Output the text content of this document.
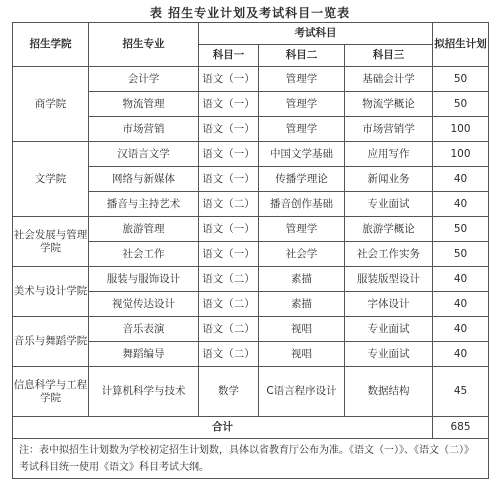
表 招生专业计划及考试科目一览表
招生学院	招生专业	考试科目			拟招生计划
		科目一	科目二	科目三	
商学院	会计学	语文（一）	管理学	基础会计学	50
	物流管理	语文（一）	管理学	物流学概论	50
	市场营销	语文（一）	管理学	市场营销学	100
文学院	汉语言文学	语文（一）	中国文学基础	应用写作	100
	网络与新媒体	语文（一）	传播学理论	新闻业务	40
	播音与主持艺术	语文（二）	播音创作基础	专业面试	40
社会发展与管理学院	旅游管理	语文（一）	管理学	旅游学概论	50
	社会工作	语文（一）	社会学	社会工作实务	50
美术与设计学院	服装与服饰设计	语文（二）	素描	服装版型设计	40
	视觉传达设计	语文（二）	素描	字体设计	40
音乐与舞蹈学院	音乐表演	语文（二）	视唱	专业面试	40
	舞蹈编导	语文（二）	视唱	专业面试	40
信息科学与工程学院	计算机科学与技术	数学	C语言程序设计	数据结构	45
合计					685
注：表中拟招生计划数为学校初定招生计划数，具体以省教育厅公布为准。《语文（一）》、《语文（二）》考试科目统一使用《语文》科目考试大纲。					
